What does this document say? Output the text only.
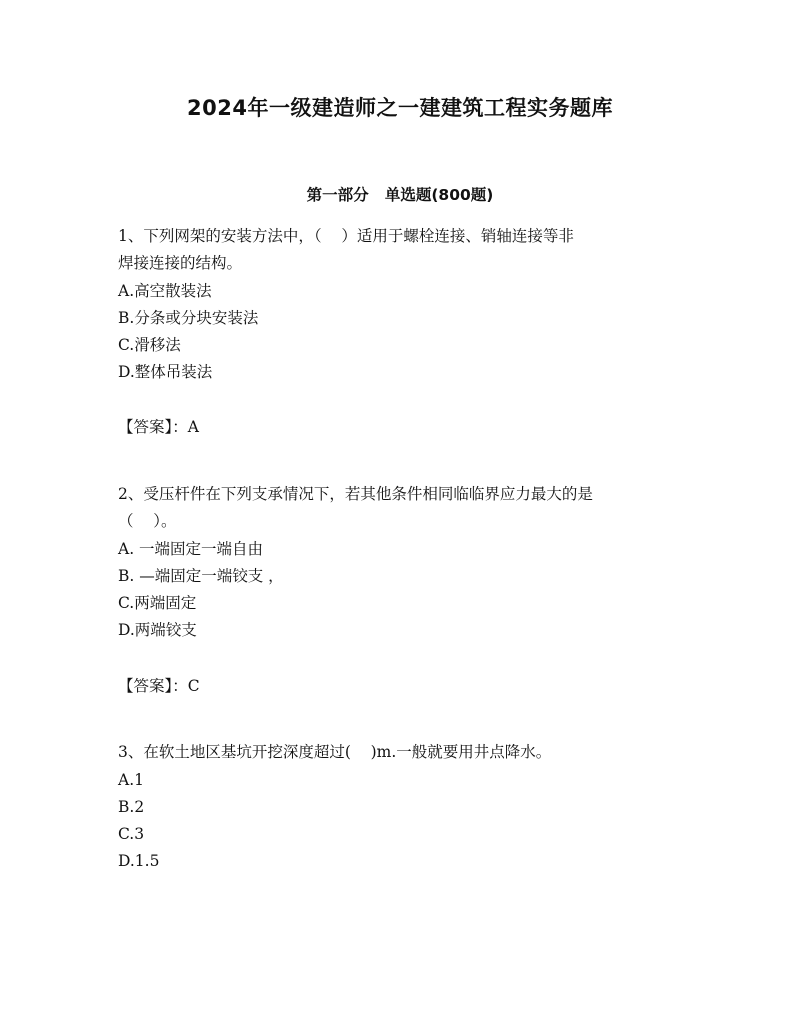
2024年一级建造师之一建建筑工程实务题库
第一部分   单选题(800题)

1、下列网架的安装方法中，（    ）适用于螺栓连接、销轴连接等非

焊接连接的结构。

A.高空散装法

B.分条或分块安装法

C.滑移法

D.整体吊装法

【答案】：A

2、受压杆件在下列支承情况下，若其他条件相同临临界应力最大的是

（    ）。

A. 一端固定一端自由

B. —端固定一端铰支 ，

C.两端固定

D.两端铰支

【答案】：C

3、在软土地区基坑开挖深度超过(    )m.一般就要用井点降水。

A.1

B.2

C.3

D.1.5
